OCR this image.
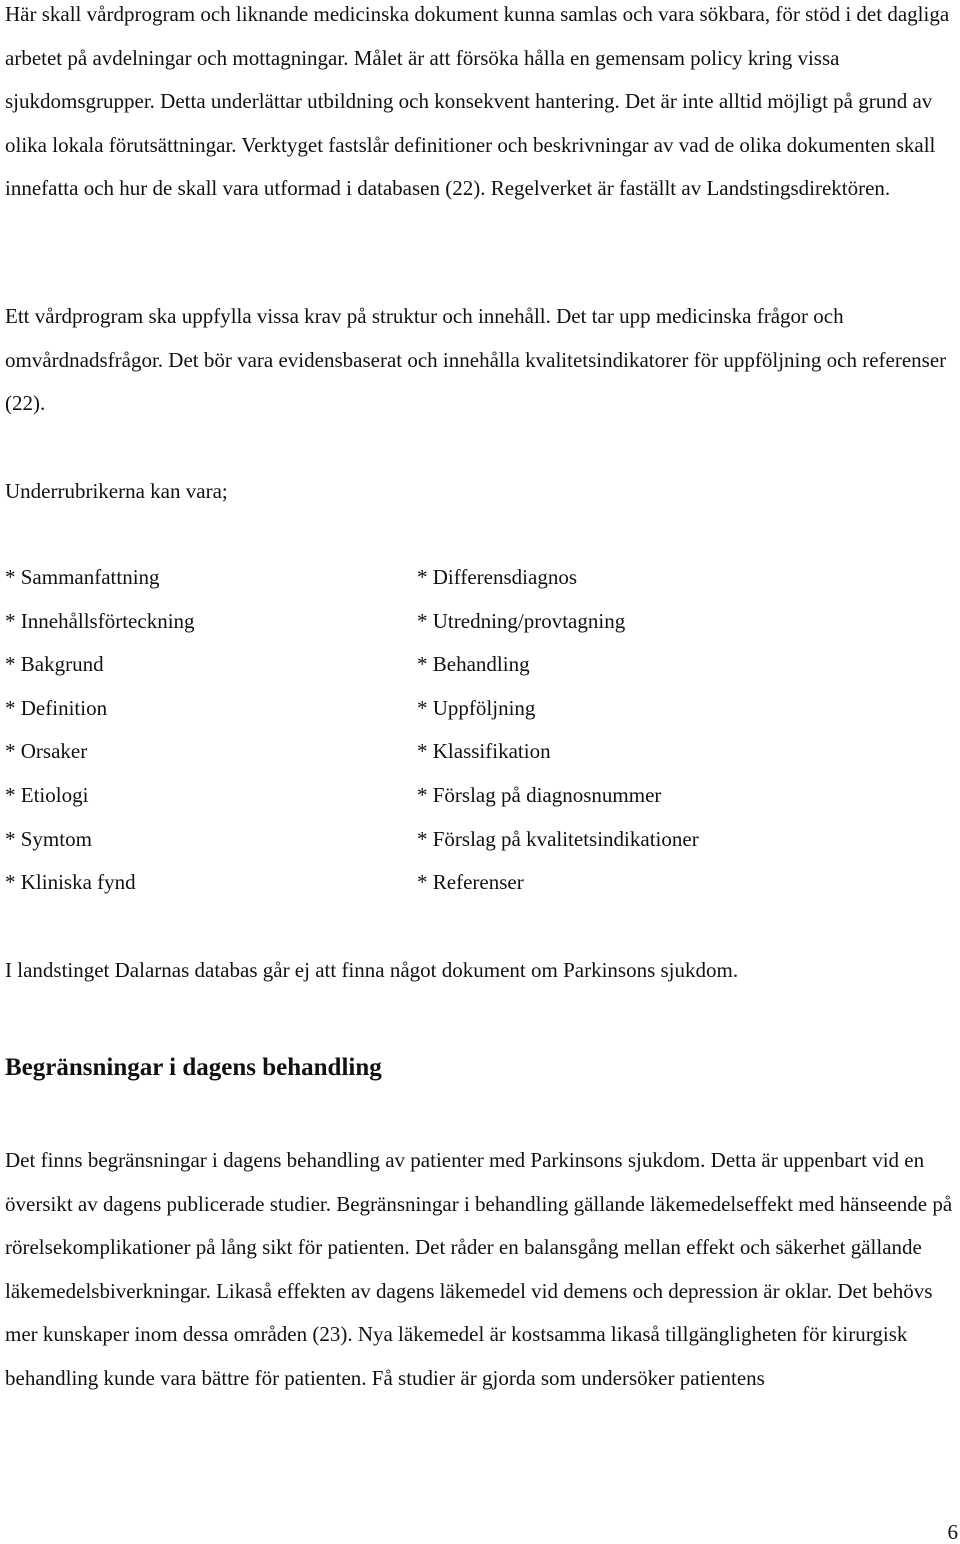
Här skall vårdprogram och liknande medicinska dokument kunna samlas och vara sökbara, för stöd i det dagliga arbetet på avdelningar och mottagningar. Målet är att försöka hålla en gemensam policy kring vissa sjukdomsgrupper. Detta underlättar utbildning och konsekvent hantering. Det är inte alltid möjligt på grund av olika lokala förutsättningar. Verktyget fastslår definitioner och beskrivningar av vad de olika dokumenten skall innefatta och hur de skall vara utformad i databasen (22). Regelverket är faställt av Landstingsdirektören.

Ett vårdprogram ska uppfylla vissa krav på struktur och innehåll. Det tar upp medicinska frågor och omvårdnadsfrågor. Det bör vara evidensbaserat och innehålla kvalitetsindikatorer för uppföljning och referenser (22).

Underrubrikerna kan vara;

* Sammanfattning
* Innehållsförteckning
* Bakgrund
* Definition
* Orsaker
* Etiologi
* Symtom
* Kliniska fynd
* Differensdiagnos
* Utredning/provtagning
* Behandling
* Uppföljning
* Klassifikation
* Förslag på diagnosnummer
* Förslag på kvalitetsindikationer
* Referenser

I landstinget Dalarnas databas går ej att finna något dokument om Parkinsons sjukdom.

Begränsningar i dagens behandling

Det finns begränsningar i dagens behandling av patienter med Parkinsons sjukdom. Detta är uppenbart vid en översikt av dagens publicerade studier. Begränsningar i behandling gällande läkemedelseffekt med hänseende på rörelsekomplikationer på lång sikt för patienten. Det råder en balansgång mellan effekt och säkerhet gällande läkemedelsbiverkningar. Likaså effekten av dagens läkemedel vid demens och depression är oklar. Det behövs mer kunskaper inom dessa områden (23). Nya läkemedel är kostsamma likaså tillgängligheten för kirurgisk behandling kunde vara bättre för patienten. Få studier är gjorda som undersöker patientens

6
